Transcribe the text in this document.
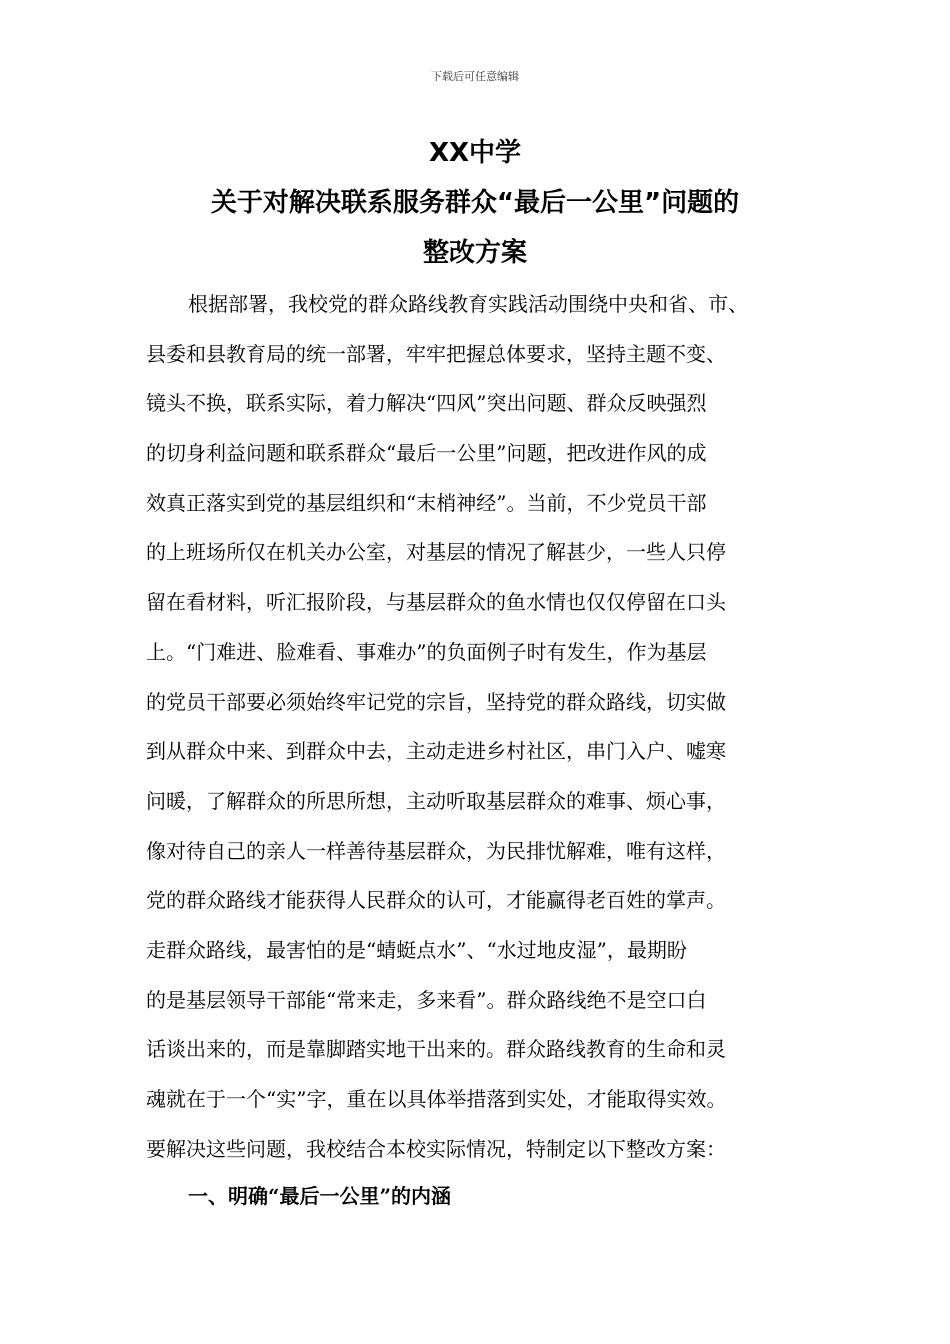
下载后可任意编辑
XX中学
关于对解决联系服务群众“最后一公里”问题的
整改方案
根据部署，我校党的群众路线教育实践活动围绕中央和省、市、
县委和县教育局的统一部署，牢牢把握总体要求，坚持主题不变、
镜头不换，联系实际，着力解决“四风”突出问题、群众反映强烈
的切身利益问题和联系群众“最后一公里”问题，把改进作风的成
效真正落实到党的基层组织和“末梢神经”。当前，不少党员干部
的上班场所仅在机关办公室，对基层的情况了解甚少，一些人只停
留在看材料，听汇报阶段，与基层群众的鱼水情也仅仅停留在口头
上。“门难进、脸难看、事难办”的负面例子时有发生，作为基层
的党员干部要必须始终牢记党的宗旨，坚持党的群众路线，切实做
到从群众中来、到群众中去，主动走进乡村社区，串门入户、嘘寒
问暖，了解群众的所思所想，主动听取基层群众的难事、烦心事，
像对待自己的亲人一样善待基层群众，为民排忧解难，唯有这样，
党的群众路线才能获得人民群众的认可，才能赢得老百姓的掌声。
走群众路线，最害怕的是“蜻蜓点水”、“水过地皮湿”，最期盼
的是基层领导干部能“常来走，多来看”。群众路线绝不是空口白
话谈出来的，而是靠脚踏实地干出来的。群众路线教育的生命和灵
魂就在于一个“实”字，重在以具体举措落到实处，才能取得实效。
要解决这些问题，我校结合本校实际情况，特制定以下整改方案：
一、明确“最后一公里”的内涵
